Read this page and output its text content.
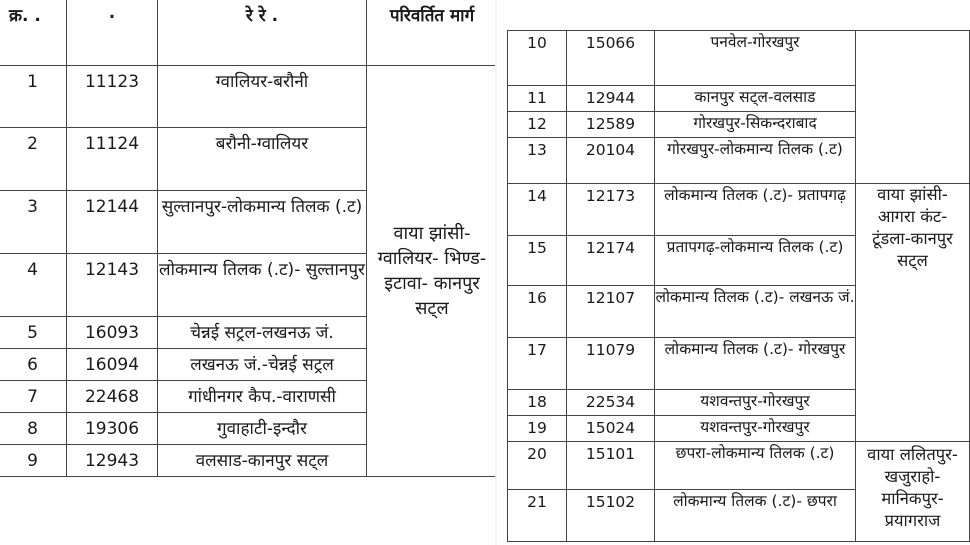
क्र. .	.	रे रे .	परिवर्तित मार्ग
1	11123	ग्वालियर-बरौनी	वाया झांसी- ग्वालियर- भिण्ड-इटावा- कानपुर सट्ल
2	11124	बरौनी-ग्वालियर	
3	12144	सुल्तानपुर-लोकमान्य तिलक (.ट)	
4	12143	लोकमान्य तिलक (.ट)- सुल्तानपुर	
5	16093	चेन्नई सट्रल-लखनऊ जं.	
6	16094	लखनऊ जं.-चेन्नई सट्रल	
7	22468	गांधीनगर कैप.-वाराणसी	
8	19306	गुवाहाटी-इन्दौर	
9	12943	वलसाड-कानपुर सट्ल	
10	15066	पनवेल-गोरखपुर	
11	12944	कानपुर सट्ल-वलसाड	
12	12589	गोरखपुर-सिकन्दराबाद	
13	20104	गोरखपुर-लोकमान्य तिलक (.ट)	
14	12173	लोकमान्य तिलक (.ट)- प्रतापगढ़	वाया झांसी- आगरा कंट- टूंडला-कानपुर सट्ल
15	12174	प्रतापगढ़-लोकमान्य तिलक (.ट)	
16	12107	लोकमान्य तिलक (.ट)- लखनऊ जं.	
17	11079	लोकमान्य तिलक (.ट)- गोरखपुर	
18	22534	यशवन्तपुर-गोरखपुर	
19	15024	यशवन्तपुर-गोरखपुर	
20	15101	छपरा-लोकमान्य तिलक (.ट)	वाया ललितपुर- खजुराहो- मानिकपुर- प्रयागराज
21	15102	लोकमान्य तिलक (.ट)- छपरा	
